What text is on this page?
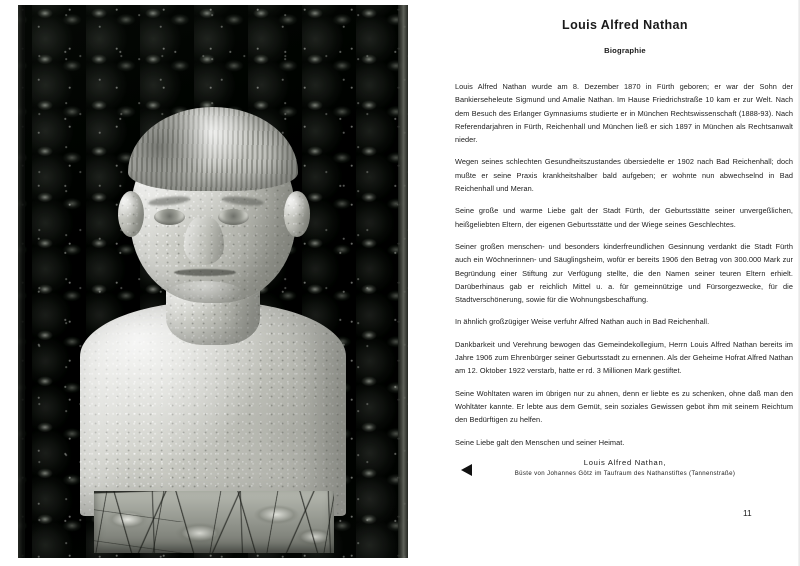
Louis Alfred Nathan
Biographie

Louis Alfred Nathan wurde am 8. Dezember 1870 in Fürth geboren; er war der Sohn der Bankierseheleute Sigmund und Amalie Nathan. Im Hause Friedrichstraße 10 kam er zur Welt. Nach dem Besuch des Erlanger Gymnasiums studierte er in München Rechtswissenschaft (1888-93). Nach Referendarjahren in Fürth, Reichenhall und München ließ er sich 1897 in München als Rechtsanwalt nieder.

Wegen seines schlechten Gesundheitszustandes übersiedelte er 1902 nach Bad Reichenhall; doch mußte er seine Praxis krankheitshalber bald aufgeben; er wohnte nun abwechselnd in Bad Reichenhall und Meran.

Seine große und warme Liebe galt der Stadt Fürth, der Geburtsstätte seiner unvergeßlichen, heißgeliebten Eltern, der eigenen Geburtsstätte und der Wiege seines Geschlechtes.

Seiner großen menschen- und besonders kinderfreundlichen Gesinnung verdankt die Stadt Fürth auch ein Wöchnerinnen- und Säuglingsheim, wofür er bereits 1906 den Betrag von 300.000 Mark zur Begründung einer Stiftung zur Verfügung stellte, die den Namen seiner teuren Eltern erhielt. Darüberhinaus gab er reichlich Mittel u. a. für gemeinnützige und Fürsorgezwecke, für die Stadtverschönerung, sowie für die Wohnungsbeschaffung.

In ähnlich großzügiger Weise verfuhr Alfred Nathan auch in Bad Reichenhall.

Dankbarkeit und Verehrung bewogen das Gemeindekollegium, Herrn Louis Alfred Nathan bereits im Jahre 1906 zum Ehrenbürger seiner Geburtsstadt zu ernennen. Als der Geheime Hofrat Alfred Nathan am 12. Oktober 1922 verstarb, hatte er rd. 3 Millionen Mark gestiftet.

Seine Wohltaten waren im übrigen nur zu ahnen, denn er liebte es zu schenken, ohne daß man den Wohltäter kannte. Er lebte aus dem Gemüt, sein soziales Gewissen gebot ihm mit seinem Reichtum den Bedürftigen zu helfen.

Seine Liebe galt den Menschen und seiner Heimat.

Louis Alfred Nathan,
Büste von Johannes Götz im Taufraum des Nathanstiftes (Tannenstraße)
11
